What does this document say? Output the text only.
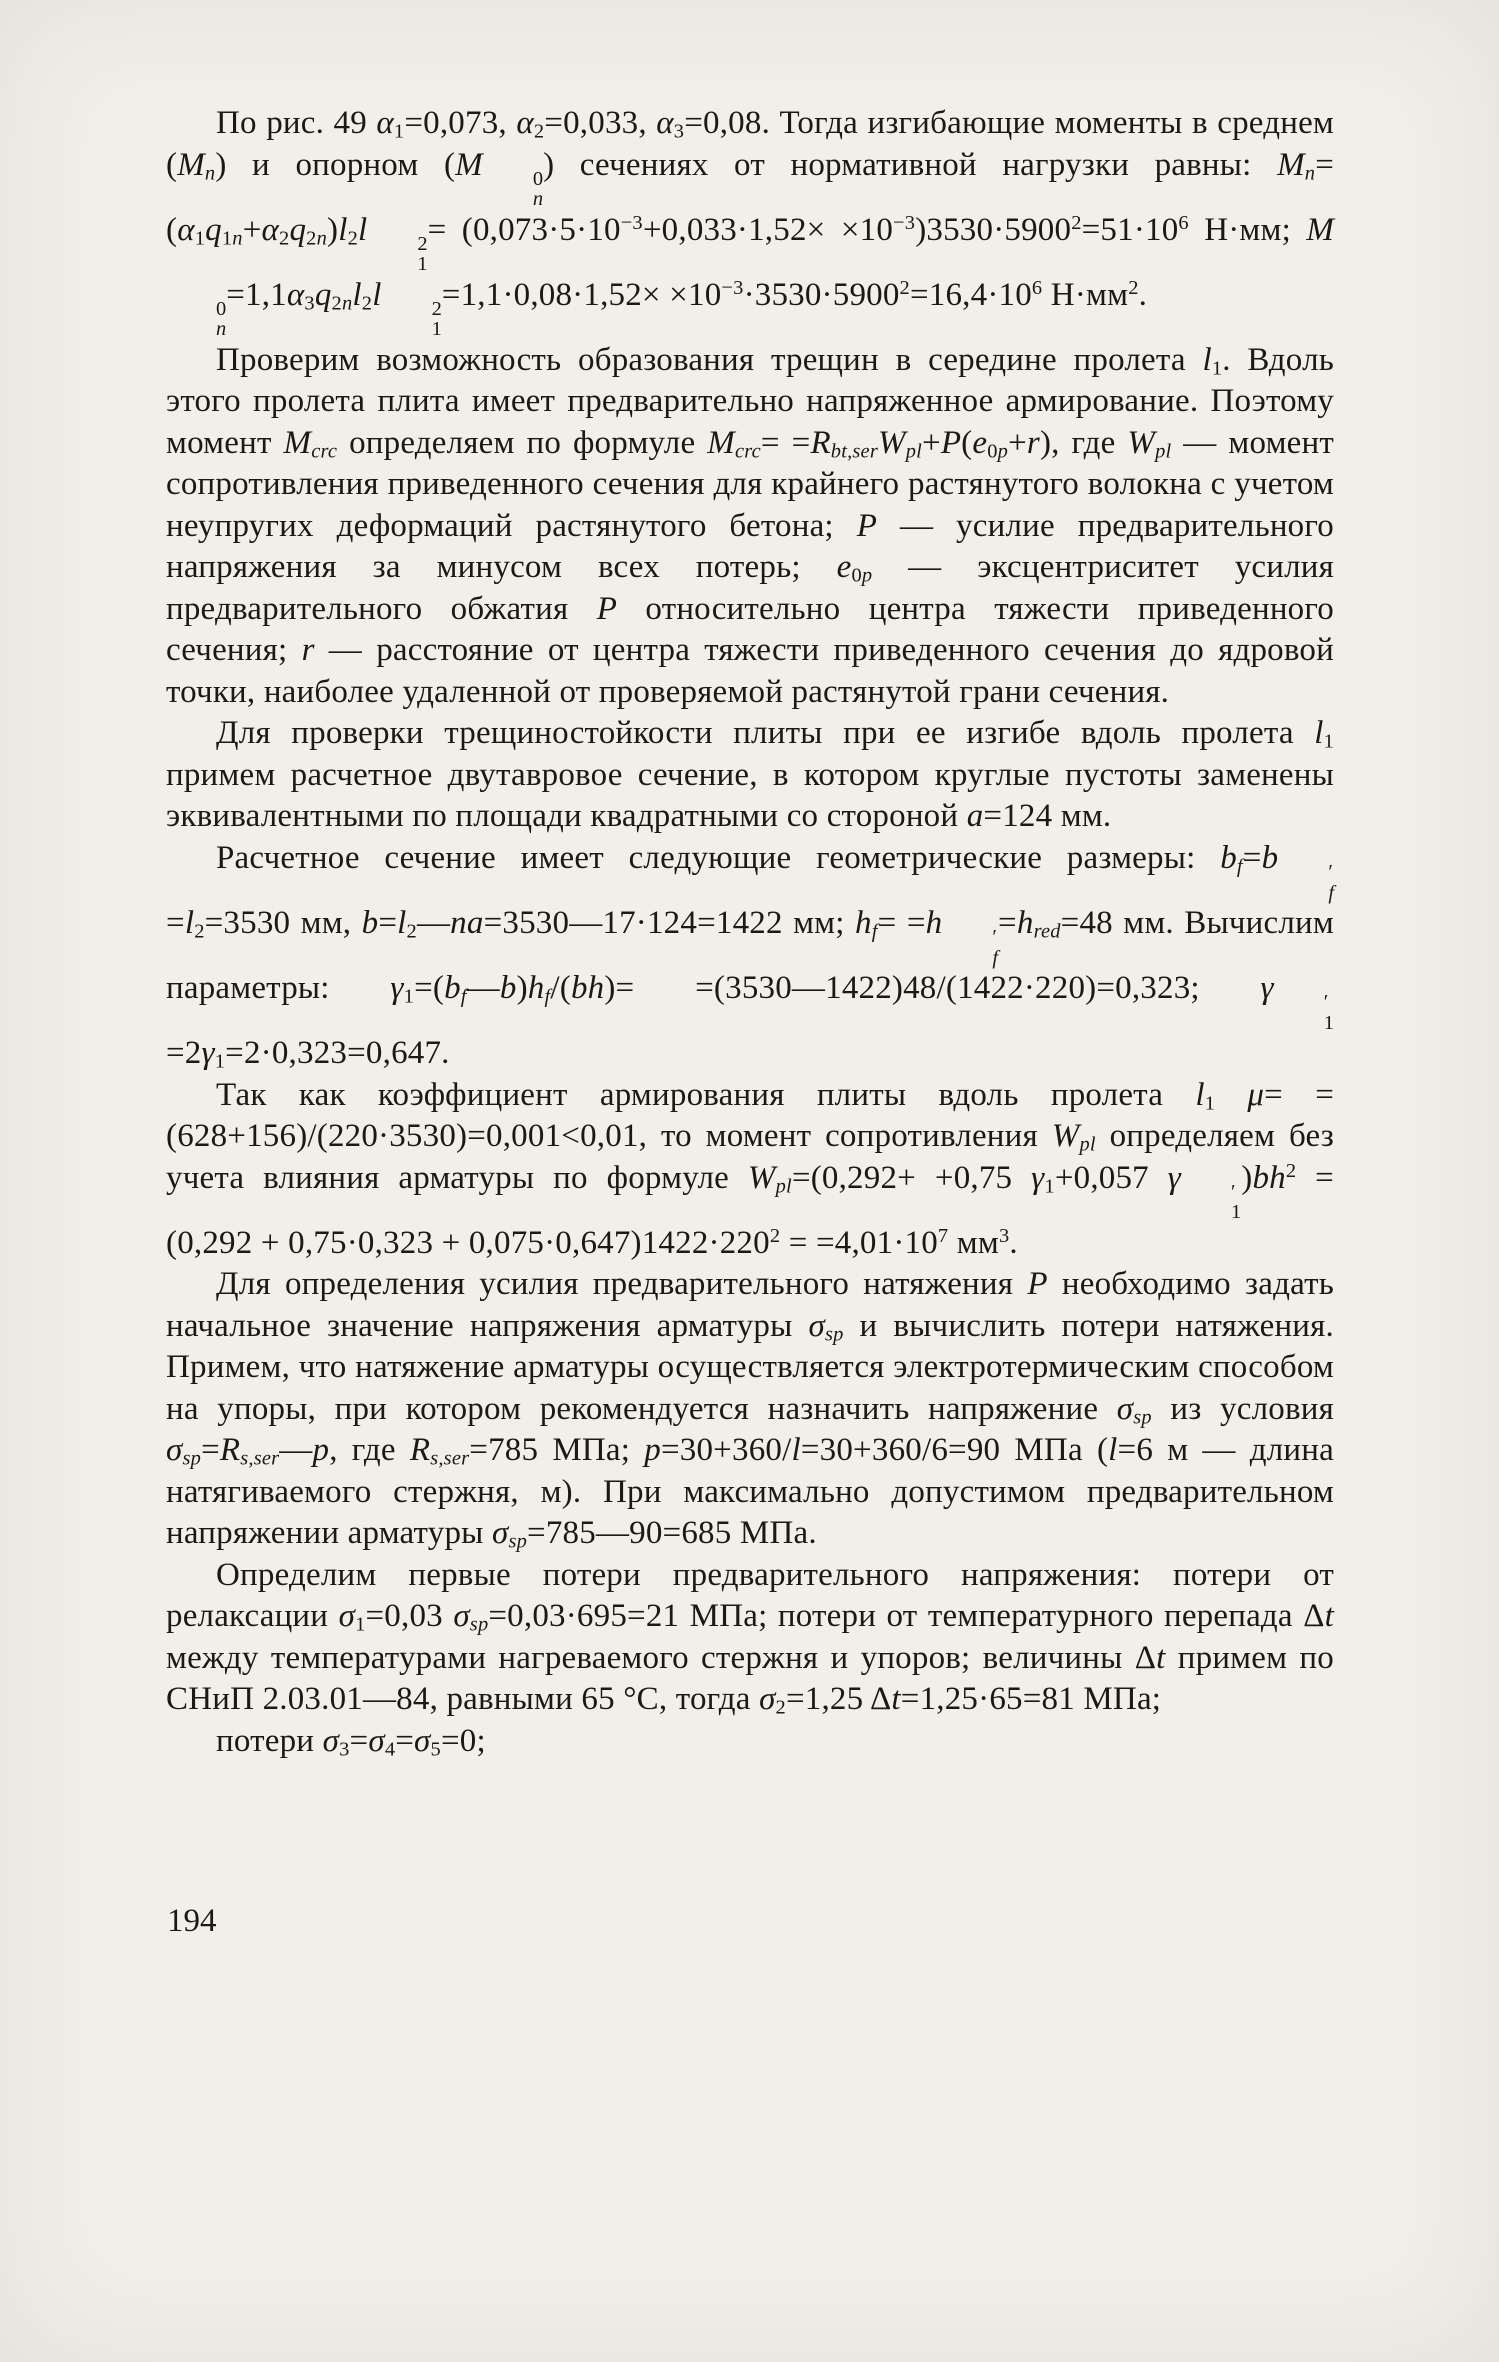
По рис. 49 $\alpha_1=0,073$, $\alpha_2=0,033$, $\alpha_3=0,08$. Тогда изгибающие моменты в среднем $(M_n)$ и опорном (M	0
n
) сечениях от нормативной нагрузки равны: $M_n=(\alpha_1q_{1n}+\alpha_2q_{2n})l_2l$	2
1
= $(0,073\cdot 5\cdot 10^{-3}+0,033\cdot 1,52\times \times 10^{-3})3530\cdot 5900^2=51\cdot 10^6$ Н·мм; M
0
n
$=1,1\alpha_3q_{2n}l_2l$	2
1
$=1,1\cdot 0,08\cdot 1,52\times \times 10^{-3}\cdot 3530\cdot 5900^2=16,4\cdot 10^6$ $Н\cdot мм^2$.

Проверим возможность образования трещин в середине пролета $l_1$. Вдоль этого пролета плита имеет предварительно напряженное армирование. Поэтому момент $M_{crc}$ определяем по формуле $M_{crc}= =R_{bt,ser}W_{pl}+P(e_{0p}+r)$, где $W_{pl}$ — момент сопротивления приведенного сечения для крайнего растянутого волокна с учетом неупругих деформаций растянутого бетона; P — усилие предварительного напряжения за минусом всех потерь; $e_{0p}$ — эксцентриситет усилия предварительного обжатия P относительно центра тяжести приведенного сечения; r — расстояние от центра тяжести приведенного сечения до ядровой точки, наиболее удаленной от проверяемой растянутой грани сечения.

Для проверки трещиностойкости плиты при ее изгибе вдоль пролета $l_1$ примем расчетное двутавровое сечение, в котором круглые пустоты заменены эквивалентными по площади квадратными со стороной a=124 мм.

Расчетное сечение имеет следующие геометрические размеры: $b_f=b$	′
f
$=l_2=3530$ мм, $b=l_2—na=3530—17\cdot 124=1422$ мм; $h_f= =h$	′
f
$=h_{red}=48$ мм. Вычислим параметры: $\gamma_1=(b_f—b)h_f/(bh)=$ =(3530—1422)48/(1422·220)=0,323; γ	′
1
$=2\gamma_1=2\cdot 0,323=0,647$.

Так как коэффициент армирования плиты вдоль пролета $l_1$ μ= =(628+156)/(220·3530)=0,001<0,01, то момент сопротивления $W_{pl}$ определяем без учета влияния арматуры по формуле $W_{pl}=(0,292+ +0,75$ $\gamma_1+0,057$ γ	′
1
)$bh^2 = (0,292 + 0,75\cdot 0,323 + 0,075\cdot 0,647)1422\cdot 220^2 = =4,01\cdot 10^7$ $мм^3$.

Для определения усилия предварительного натяжения P необходимо задать начальное значение напряжения арматуры $\sigma_{sp}$ и вычислить потери натяжения. Примем, что натяжение арматуры осуществляется электротермическим способом на упоры, при котором рекомендуется назначить напряжение $\sigma_{sp}$ из условия $\sigma_{sp}=R_{s,ser}—p$, где $R_{s,ser}=785$ МПа; p=30+360/l=30+360/6=90 МПа (l=6 м — длина натягиваемого стержня, м). При максимально допустимом предварительном напряжении арматуры $\sigma_{sp}=785—90=685$ МПа.

Определим первые потери предварительного напряжения: потери от релаксации $\sigma_1=0,03$ $\sigma_{sp}=0,03\cdot 695=21$ МПа; потери от температурного перепада Δt между температурами нагреваемого стержня и упоров; величины Δt примем по СНиП 2.03.01—84, равными 65 °С, тогда $\sigma_2=1,25$ Δt=1,25·65=81 МПа;

потери $\sigma_3=\sigma_4=\sigma_5=0$;

194
